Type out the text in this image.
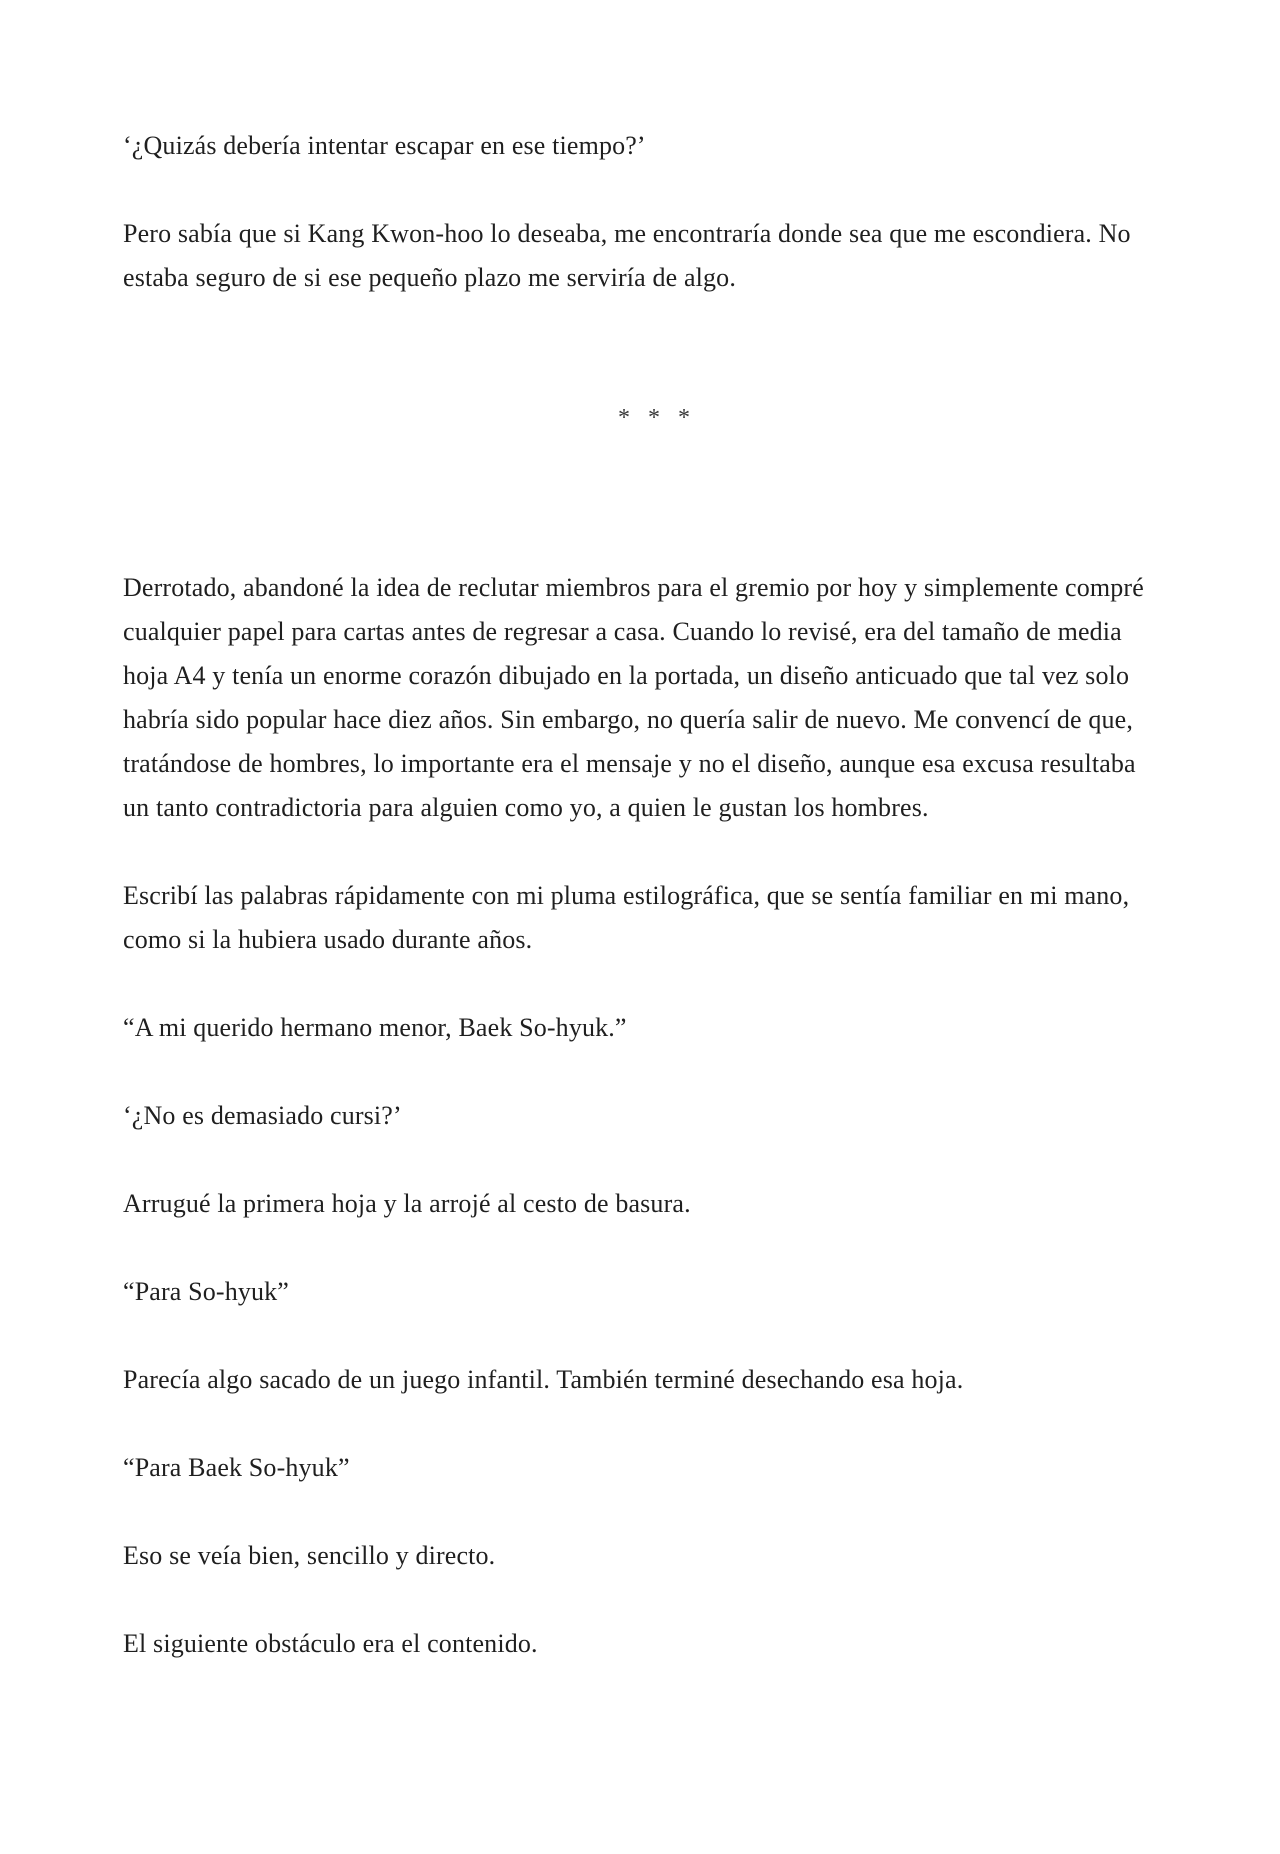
‘¿Quizás debería intentar escapar en ese tiempo?’

Pero sabía que si Kang Kwon-hoo lo deseaba, me encontraría donde sea que me escondiera. No estaba seguro de si ese pequeño plazo me serviría de algo.

* * *

Derrotado, abandoné la idea de reclutar miembros para el gremio por hoy y simplemente compré cualquier papel para cartas antes de regresar a casa. Cuando lo revisé, era del tamaño de media hoja A4 y tenía un enorme corazón dibujado en la portada, un diseño anticuado que tal vez solo habría sido popular hace diez años. Sin embargo, no quería salir de nuevo. Me convencí de que, tratándose de hombres, lo importante era el mensaje y no el diseño, aunque esa excusa resultaba un tanto contradictoria para alguien como yo, a quien le gustan los hombres.

Escribí las palabras rápidamente con mi pluma estilográfica, que se sentía familiar en mi mano, como si la hubiera usado durante años.

“A mi querido hermano menor, Baek So-hyuk.”

‘¿No es demasiado cursi?’

Arrugué la primera hoja y la arrojé al cesto de basura.

“Para So-hyuk”

Parecía algo sacado de un juego infantil. También terminé desechando esa hoja.

“Para Baek So-hyuk”

Eso se veía bien, sencillo y directo.

El siguiente obstáculo era el contenido.
